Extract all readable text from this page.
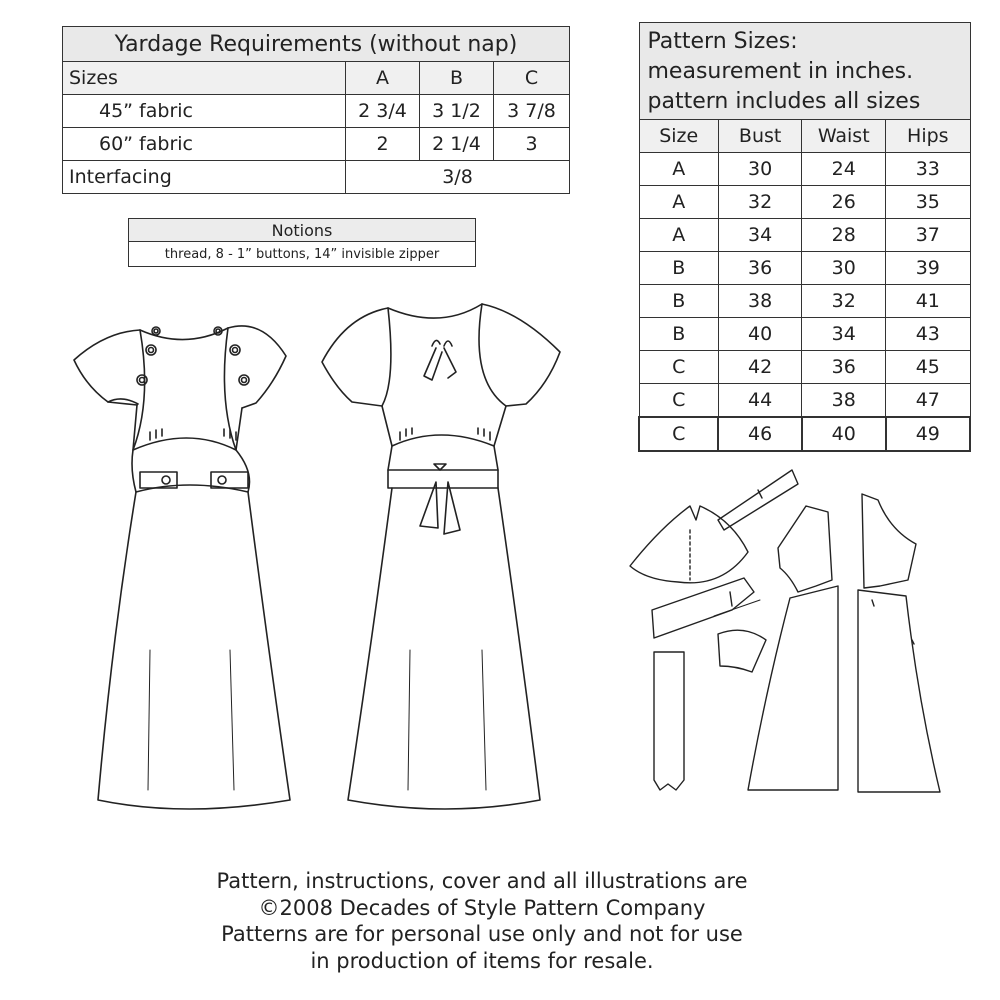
Yardage Requirements (without nap)			
Sizes	A	B	C
45” fabric	2 3/4	3 1/2	3 7/8
60” fabric	2	2 1/4	3
Interfacing	3/8		
Notions
thread, 8 - 1” buttons, 14” invisible zipper
Pattern Sizes:
measurement in inches.
pattern includes all sizes			

Size	Bust	Waist	Hips
A	30	24	33
A	32	26	35
A	34	28	37
B	36	30	39
B	38	32	41
B	40	34	43
C	42	36	45
C	44	38	47
C	46	40	49
Pattern, instructions, cover and all illustrations are
©2008 Decades of Style Pattern Company
Patterns are for personal use only and not for use
in production of items for resale.
